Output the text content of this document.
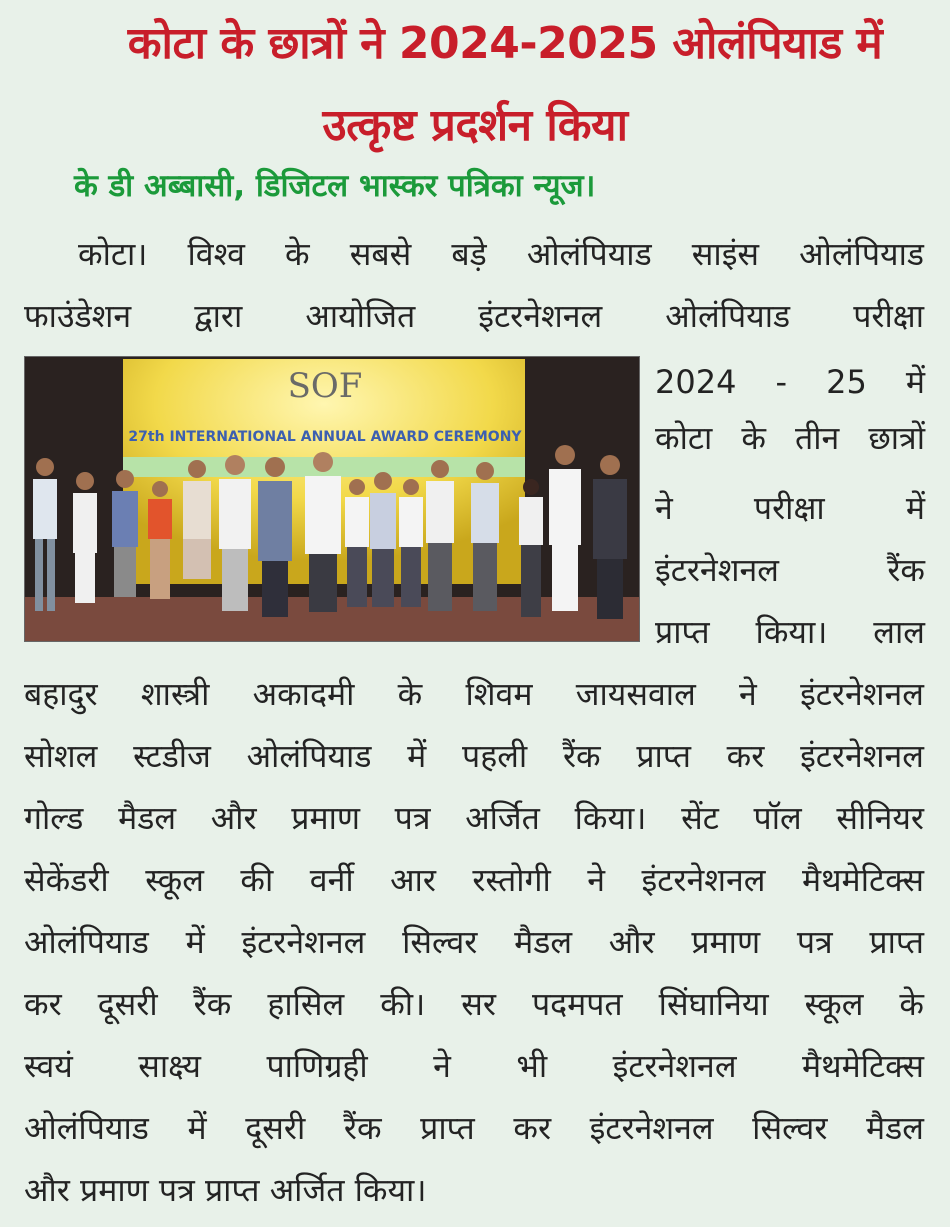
कोटा के छात्रों ने 2024-2025 ओलंपियाड में
उत्कृष्ट प्रदर्शन किया
के डी अब्बासी, डिजिटल भास्कर पत्रिका न्यूज।
कोटा। विश्व के सबसे बड़े ओलंपियाड साइंस ओलंपियाड
फाउंडेशन द्वारा आयोजित इंटरनेशनल ओलंपियाड परीक्षा
SOF
27th INTERNATIONAL ANNUAL AWARD CEREMONY
2024 - 25 में
कोटा के तीन छात्रों
ने परीक्षा में
इंटरनेशनल रैंक
प्राप्त किया। लाल
बहादुर शास्त्री अकादमी के शिवम जायसवाल ने इंटरनेशनल
सोशल स्टडीज ओलंपियाड में पहली रैंक प्राप्त कर इंटरनेशनल
गोल्ड मैडल और प्रमाण पत्र अर्जित किया। सेंट पॉल सीनियर
सेकेंडरी स्कूल की वर्नी आर रस्तोगी ने इंटरनेशनल मैथमेटिक्स
ओलंपियाड में इंटरनेशनल सिल्वर मैडल और प्रमाण पत्र प्राप्त
कर दूसरी रैंक हासिल की। सर पदमपत सिंघानिया स्कूल के
स्वयं साक्ष्य पाणिग्रही ने भी इंटरनेशनल मैथमेटिक्स
ओलंपियाड में दूसरी रैंक प्राप्त कर इंटरनेशनल सिल्वर मैडल
और प्रमाण पत्र प्राप्त अर्जित किया।
